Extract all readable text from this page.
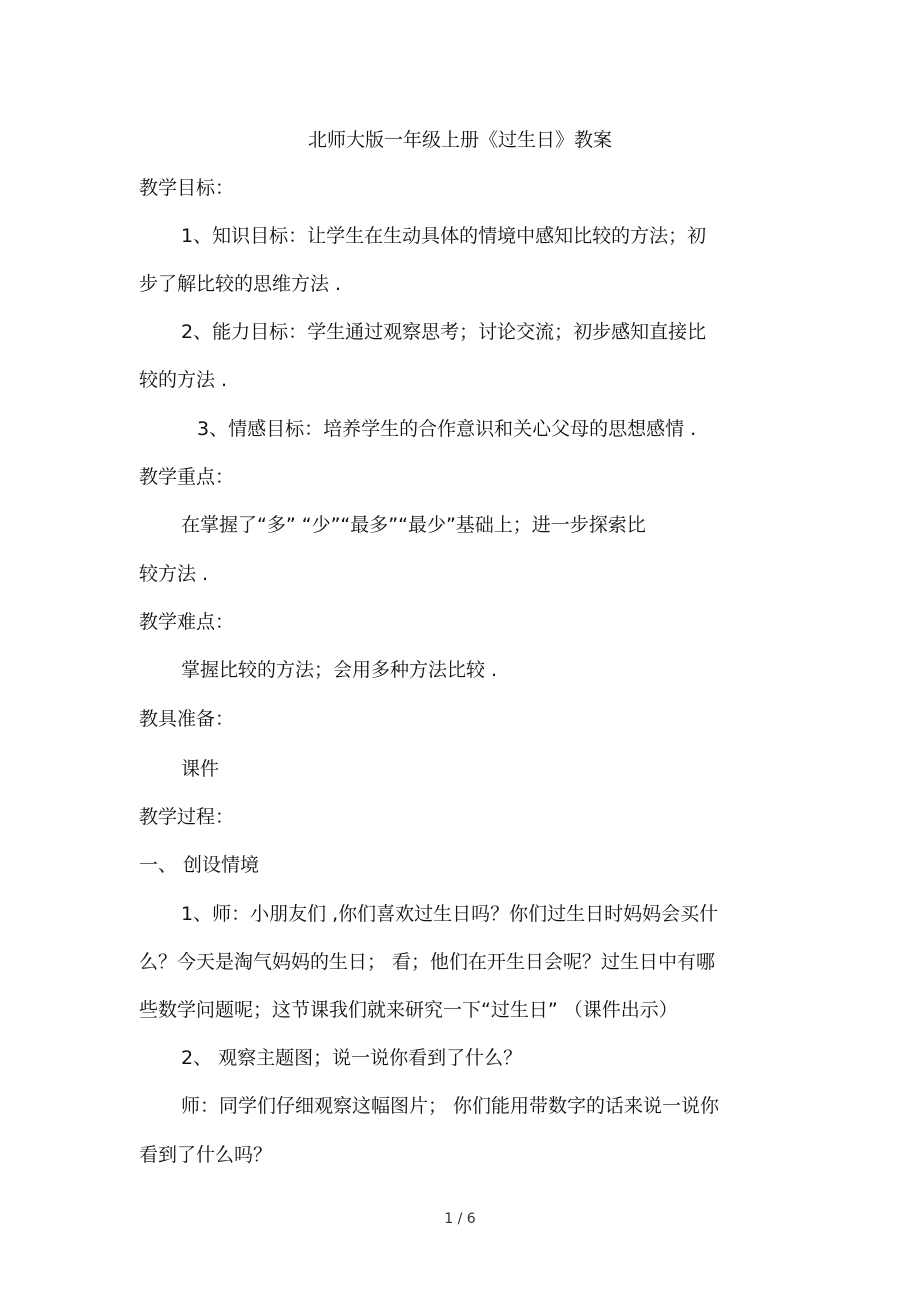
北师大版一年级上册《过生日》教案
教学目标：
1、知识目标：让学生在生动具体的情境中感知比较的方法；初
步了解比较的思维方法 .
2、能力目标：学生通过观察思考；讨论交流；初步感知直接比
较的方法 .
3、情感目标：培养学生的合作意识和关心父母的思想感情 .
教学重点：
在掌握了“多” “少”“最多”“最少”基础上；进一步探索比
较方法 .
教学难点：
掌握比较的方法；会用多种方法比较 .
教具准备：
课件
教学过程：
一、 创设情境
1、师：小朋友们 ,你们喜欢过生日吗？你们过生日时妈妈会买什
么？今天是淘气妈妈的生日； 看；他们在开生日会呢？过生日中有哪
些数学问题呢；这节课我们就来研究一下“过生日” （课件出示）
2、 观察主题图；说一说你看到了什么？
师：同学们仔细观察这幅图片； 你们能用带数字的话来说一说你
看到了什么吗？
1 / 6
